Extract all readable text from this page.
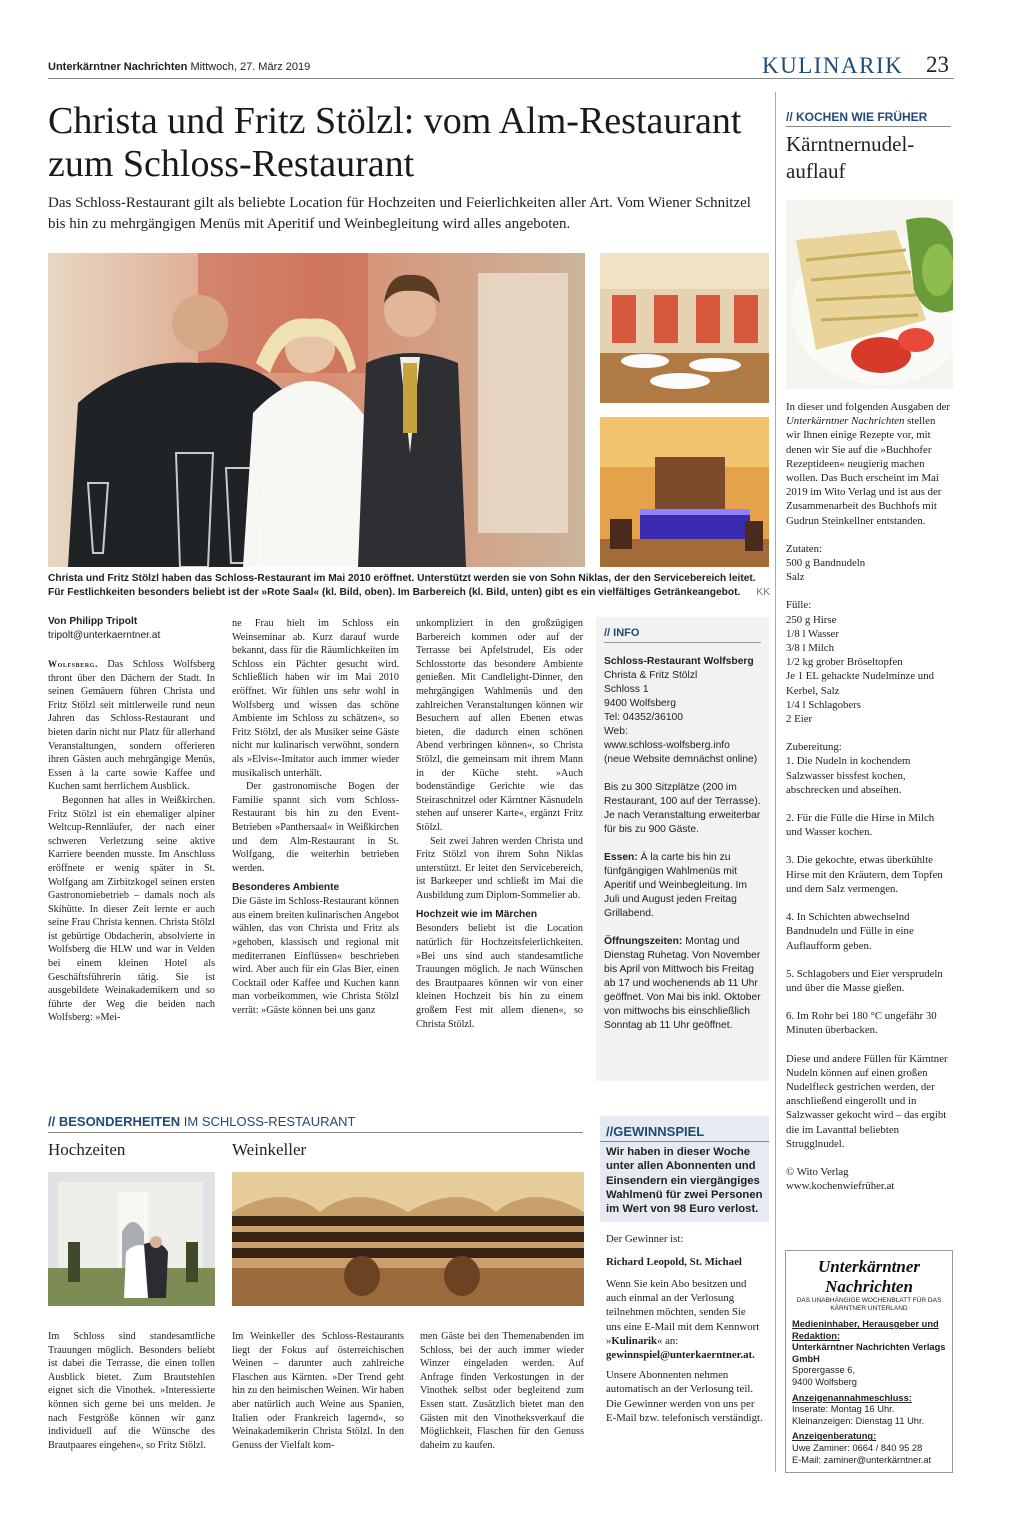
Unterkärntner Nachrichten Mittwoch, 27. März 2019	KULINARIK 23
Christa und Fritz Stölzl: vom Alm-Restaurant zum Schloss-Restaurant

Das Schloss-Restaurant gilt als beliebte Location für Hochzeiten und Feierlichkeiten aller Art. Vom Wiener Schnitzel bis hin zu mehrgängigen Menüs mit Aperitif und Weinbegleitung wird alles angeboten.

Christa und Fritz Stölzl haben das Schloss-Restaurant im Mai 2010 eröffnet. Unterstützt werden sie von Sohn Niklas, der den Servicebereich leitet. Für Festlichkeiten besonders beliebt ist der »Rote Saal« (kl. Bild, oben). Im Barbereich (kl. Bild, unten) gibt es ein vielfältiges Getränkeangebot. KK

Von Philipp Tripolt
tripolt@unterkaerntner.at

Wolfsberg. Das Schloss Wolfsberg thront über den Dächern der Stadt. In seinen Gemäuern führen Christa und Fritz Stölzl seit mittlerweile rund neun Jahren das Schloss-Restaurant und bieten darin nicht nur Platz für allerhand Veranstaltungen, sondern offerieren ihren Gästen auch mehrgängige Menüs, Essen à la carte sowie Kaffee und Kuchen samt herrlichem Ausblick.

Begonnen hat alles in Weißkirchen. Fritz Stölzl ist ein ehemaliger alpiner Weltcup-Rennläufer, der nach einer schweren Verletzung seine aktive Karriere beenden musste. Im Anschluss eröffnete er wenig später in St. Wolfgang am Zirbitzkogel seinen ersten Gastronomiebetrieb – damals noch als Skihütte. In dieser Zeit lernte er auch seine Frau Christa kennen. Christa Stölzl ist gebürtige Obdacherin, absolvierte in Wolfsberg die HLW und war in Velden bei einem kleinen Hotel als Geschäftsführerin tätig. Sie ist ausgebildete Weinakademikern und so führte der Weg die beiden nach Wolfsberg: »Mei-

ne Frau hielt im Schloss ein Weinseminar ab. Kurz darauf wurde bekannt, dass für die Räumlichkeiten im Schloss ein Pächter gesucht wird. Schließlich haben wir im Mai 2010 eröffnet. Wir fühlen uns sehr wohl in Wolfsberg und wissen das schöne Ambiente im Schloss zu schätzen«, so Fritz Stölzl, der als Musiker seine Gäste nicht nur kulinarisch verwöhnt, sondern als »Elvis«-Imitator auch immer wieder musikalisch unterhält.

Der gastronomische Bogen der Familie spannt sich vom Schloss-Restaurant bis hin zu den Event-Betrieben »Panthersaal« in Weißkirchen und dem Alm-Restaurant in St. Wolfgang, die weiterhin betrieben werden.

Besonderes Ambiente

Die Gäste im Schloss-Restaurant können aus einem breiten kulinarischen Angebot wählen, das von Christa und Fritz als »gehoben, klassisch und regional mit mediterranen Einflüssen« beschrieben wird. Aber auch für ein Glas Bier, einen Cocktail oder Kaffee und Kuchen kann man vorbeikommen, wie Christa Stölzl verrät: »Gäste können bei uns ganz

unkompliziert in den großzügigen Barbereich kommen oder auf der Terrasse bei Apfelstrudel, Eis oder Schlosstorte das besondere Ambiente genießen. Mit Candlelight-Dinner, den mehrgängigen Wahlmenüs und den zahlreichen Veranstaltungen können wir Besuchern auf allen Ebenen etwas bieten, die dadurch einen schönen Abend verbringen können«, so Christa Stölzl, die gemeinsam mit ihrem Mann in der Küche steht. »Auch bodenständige Gerichte wie das Steiraschnitzel oder Kärntner Käsnudeln stehen auf unserer Karte«, ergänzt Fritz Stölzl.

Seit zwei Jahren werden Christa und Fritz Stölzl von ihrem Sohn Niklas unterstützt. Er leitet den Servicebereich, ist Barkeeper und schließt im Mai die Ausbildung zum Diplom-Sommelier ab.

Hochzeit wie im Märchen

Besonders beliebt ist die Location natürlich für Hochzeitsfeierlichkeiten. »Bei uns sind auch standesamtliche Trauungen möglich. Je nach Wünschen des Brautpaares können wir von einer kleinen Hochzeit bis hin zu einem großem Fest mit allem dienen«, so Christa Stölzl.

// INFO

Schloss-Restaurant Wolfsberg

Christa & Fritz Stölzl

Schloss 1

9400 Wolfsberg

Tel: 04352/36100

Web:

www.schloss-wolfsberg.info

(neue Website demnächst online)

Bis zu 300 Sitzplätze (200 im Restaurant, 100 auf der Terrasse). Je nach Veranstaltung erweiterbar für bis zu 900 Gäste.

Essen: À la carte bis hin zu fünfgängigen Wahlmenüs mit Aperitif und Weinbegleitung. Im Juli und August jeden Freitag Grillabend.

Öffnungszeiten: Montag und Dienstag Ruhetag. Von November bis April von Mittwoch bis Freitag ab 17 und wochenends ab 11 Uhr geöffnet. Von Mai bis inkl. Oktober von mittwochs bis einschließlich Sonntag ab 11 Uhr geöffnet.

// BESONDERHEITEN IM SCHLOSS-RESTAURANT
Hochzeiten	Weinkeller
Im Schloss sind standesamtliche Trauungen möglich. Besonders beliebt ist dabei die Terrasse, die einen tollen Ausblick bietet. Zum Brautstehlen eignet sich die Vinothek. »Interessierte können sich gerne bei uns melden. Je nach Festgröße können wir ganz individuell auf die Wünsche des Brautpaares eingehen«, so Fritz Stölzl.
Im Weinkeller des Schloss-Restaurants liegt der Fokus auf österreichischen Weinen – darunter auch zahlreiche Flaschen aus Kärnten. »Der Trend geht hin zu den heimischen Weinen. Wir haben aber natürlich auch Weine aus Spanien, Italien oder Frankreich lagernd«, so Weinakademikerin Christa Stölzl. In den Genuss der Vielfalt kom-
men Gäste bei den Themenabenden im Schloss, bei der auch immer wieder Winzer eingeladen werden. Auf Anfrage finden Verkostungen in der Vinothek selbst oder begleitend zum Essen statt. Zusätzlich bietet man den Gästen mit den Vinotheksverkauf die Möglichkeit, Flaschen für den Genuss daheim zu kaufen.
//GEWINNSPIEL
Wir haben in dieser Woche unter allen Abonnenten und Einsendern ein viergängiges Wahlmenü für zwei Personen im Wert von 98 Euro verlost.

Der Gewinner ist:

Richard Leopold, St. Michael

Wenn Sie kein Abo besitzen und auch einmal an der Verlosung teilnehmen möchten, senden Sie uns eine E-Mail mit dem Kennwort »Kulinarik« an:
gewinnspiel@unterkaerntner.at.

Unsere Abonnenten nehmen automatisch an der Verlosung teil. Die Gewinner werden von uns per E-Mail bzw. telefonisch verständigt.

// KOCHEN WIE FRÜHER
Kärntnernudel-auflauf

In dieser und folgenden Ausgaben der Unterkärntner Nachrichten stellen wir Ihnen einige Rezepte vor, mit denen wir Sie auf die »Buchhofer Rezeptideen« neugierig machen wollen. Das Buch erscheint im Mai 2019 im Wito Verlag und ist aus der Zusammenarbeit des Buchhofs mit Gudrun Steinkellner entstanden.

Zutaten:

500 g Bandnudeln

Salz

Fülle:

250 g Hirse

1/8 l Wasser

3/8 l Milch

1/2 kg grober Bröseltopfen

Je 1 EL gehackte Nudelminze und Kerbel, Salz

1/4 l Schlagobers

2 Eier

Zubereitung:

1. Die Nudeln in kochendem Salzwasser bissfest kochen, abschrecken und abseihen.

2. Für die Fülle die Hirse in Milch und Wasser kochen.

3. Die gekochte, etwas überkühlte Hirse mit den Kräutern, dem Topfen und dem Salz vermengen.

4. In Schichten abwechselnd Bandnudeln und Fülle in eine Auflaufform geben.

5. Schlagobers und Eier versprudeln und über die Masse gießen.

6. Im Rohr bei 180 °C ungefähr 30 Minuten überbacken.

Diese und andere Füllen für Kärntner Nudeln können auf einen großen Nudelfleck gestrichen werden, der anschließend eingerollt und in Salzwasser gekocht wird – das ergibt die im Lavanttal beliebten Strugglnudel.

© Wito Verlag

www.kochenwiefrüher.at

Unterkärntner Nachrichten
DAS UNABHÄNGIGE WOCHENBLATT FÜR DAS KÄRNTNER UNTERLAND
Medieninhaber, Herausgeber und Redaktion:
Unterkärntner Nachrichten Verlags GmbH
Sporergasse 6,
9400 Wolfsberg
Anzeigenannahmeschluss:
Inserate: Montag 16 Uhr.
Kleinanzeigen: Dienstag 11 Uhr.
Anzeigenberatung:
Uwe Zaminer: 0664 / 840 95 28
E-Mail: zaminer@unterkärntner.at
